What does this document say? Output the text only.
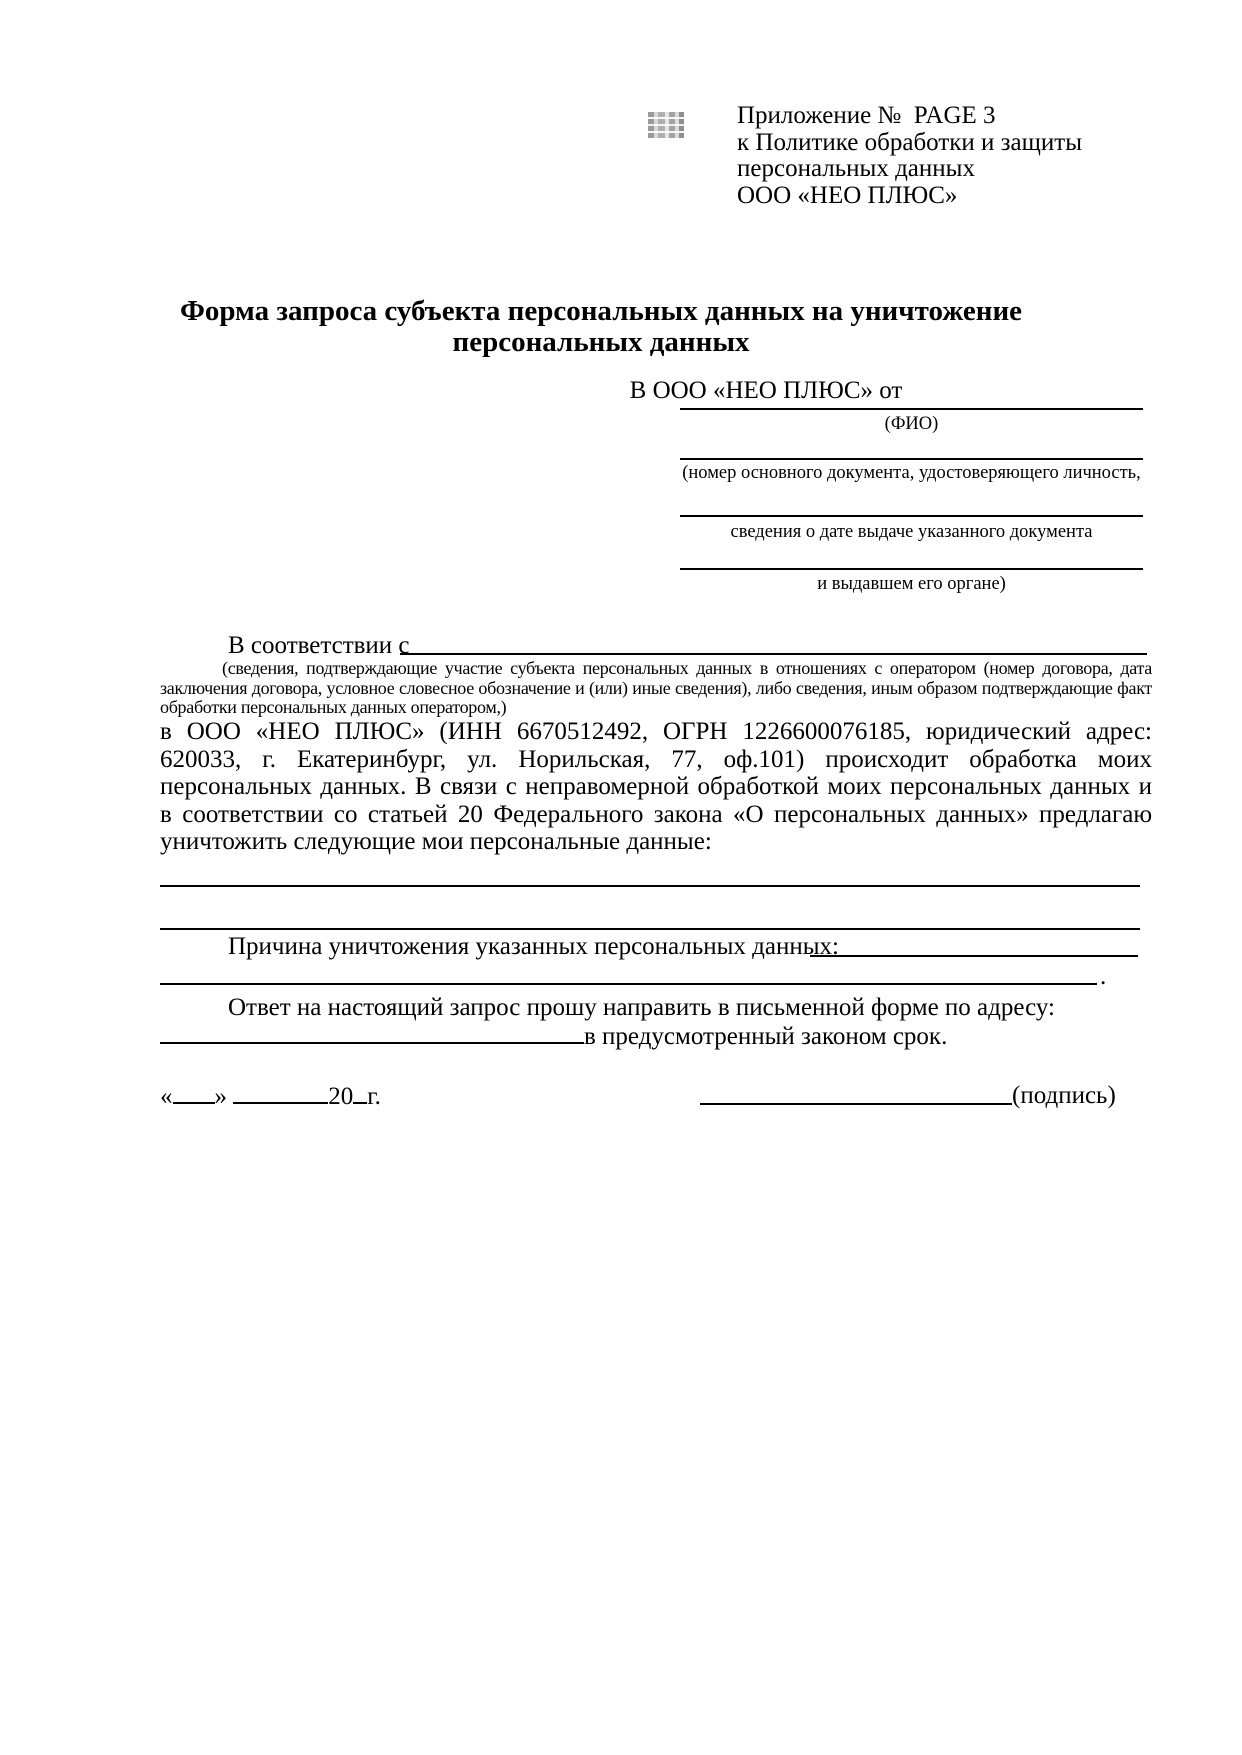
Приложение №  PAGE 3
к Политике обработки и защиты
персональных данных
ООО «НЕО ПЛЮС»
Форма запроса субъекта персональных данных на уничтожение
персональных данных
В ООО «НЕО ПЛЮС» от
(ФИО)
(номер основного документа, удостоверяющего личность,
сведения о дате выдаче указанного документа
и выдавшем его органе)
В соответствии с
(сведения, подтверждающие участие субъекта персональных данных в отношениях с оператором (номер договора, дата
заключения договора, условное словесное обозначение и (или) иные сведения), либо сведения, иным образом подтверждающие факт
обработки персональных данных оператором,)
в ООО «НЕО ПЛЮС» (ИНН 6670512492, ОГРН 1226600076185, юридический адрес:
620033, г. Екатеринбург, ул. Норильская, 77, оф.101) происходит обработка моих
персональных данных. В связи с неправомерной обработкой моих персональных данных и
в соответствии со статьей 20 Федерального закона «О персональных данных» предлагаю
уничтожить следующие мои персональные данные:
Причина уничтожения указанных персональных данных:
.
Ответ на настоящий запрос прошу направить в письменной форме по адресу:
в предусмотренный законом срок.
« »	20 г.	(подпись)
